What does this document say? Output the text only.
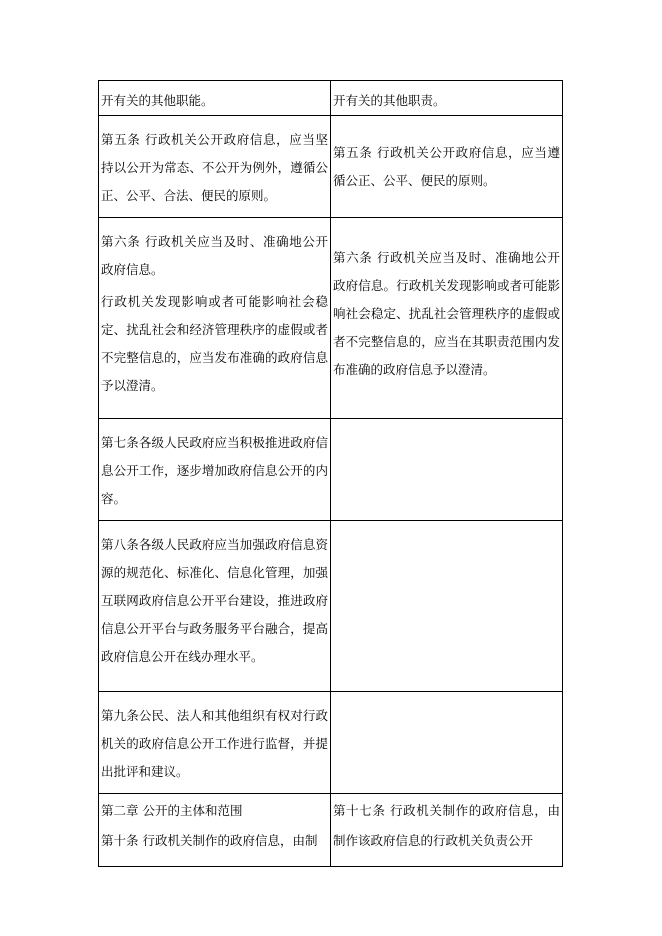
开有关的其他职能。	开有关的其他职责。

第五条 行政机关公开政府信息，应当坚持以公开为常态、不公开为例外，遵循公正、公平、合法、便民的原则。

第五条 行政机关公开政府信息，应当遵循公正、公平、便民的原则。

第六条 行政机关应当及时、准确地公开政府信息。

行政机关发现影响或者可能影响社会稳定、扰乱社会和经济管理秩序的虚假或者不完整信息的，应当发布准确的政府信息予以澄清。

第六条 行政机关应当及时、准确地公开政府信息。行政机关发现影响或者可能影响社会稳定、扰乱社会管理秩序的虚假或者不完整信息的，应当在其职责范围内发布准确的政府信息予以澄清。

第七条各级人民政府应当积极推进政府信息公开工作，逐步增加政府信息公开的内容。

第八条各级人民政府应当加强政府信息资源的规范化、标准化、信息化管理，加强互联网政府信息公开平台建设，推进政府信息公开平台与政务服务平台融合，提高政府信息公开在线办理水平。

第九条公民、法人和其他组织有权对行政机关的政府信息公开工作进行监督，并提出批评和建议。

第二章 公开的主体和范围

第十条 行政机关制作的政府信息，由制

第十七条 行政机关制作的政府信息，由制作该政府信息的行政机关负责公开
